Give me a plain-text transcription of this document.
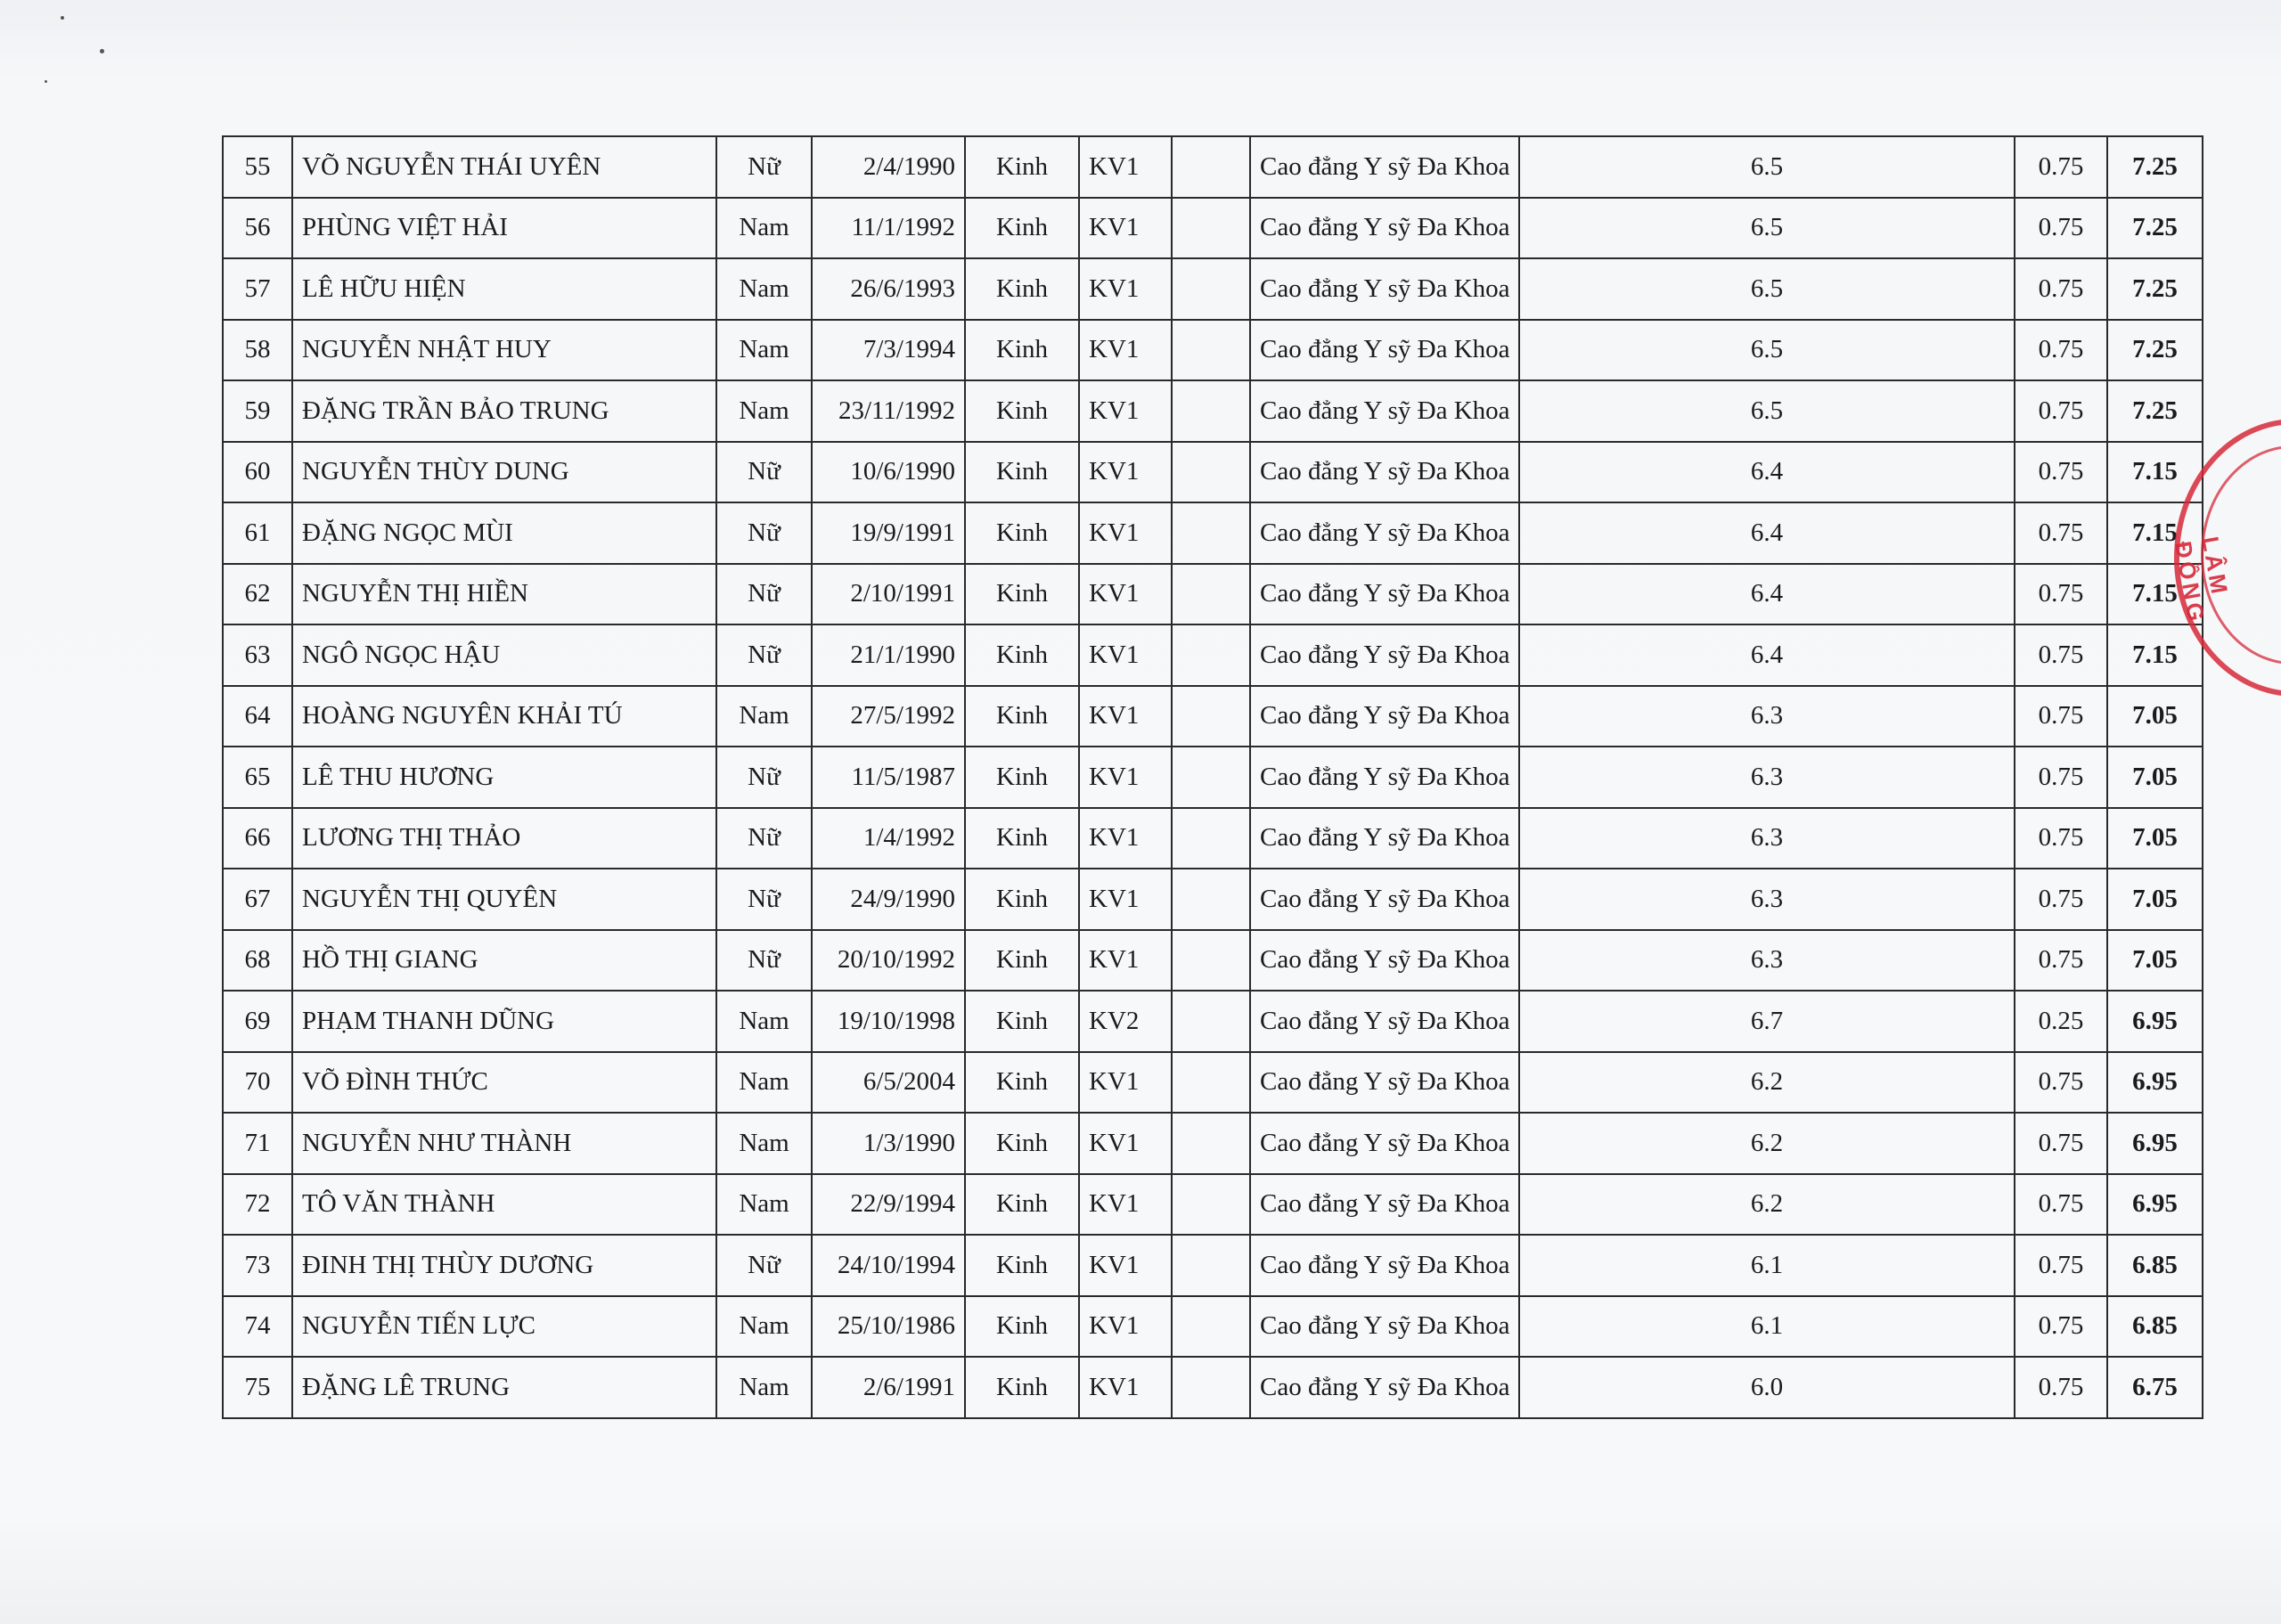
55	VÕ NGUYỄN THÁI UYÊN	Nữ	2/4/1990	Kinh	KV1		Cao đẳng Y sỹ Đa Khoa	6.5	0.75	7.25
56	PHÙNG VIỆT HẢI	Nam	11/1/1992	Kinh	KV1		Cao đẳng Y sỹ Đa Khoa	6.5	0.75	7.25
57	LÊ HỮU HIỆN	Nam	26/6/1993	Kinh	KV1		Cao đẳng Y sỹ Đa Khoa	6.5	0.75	7.25
58	NGUYỄN NHẬT HUY	Nam	7/3/1994	Kinh	KV1		Cao đẳng Y sỹ Đa Khoa	6.5	0.75	7.25
59	ĐẶNG TRẦN BẢO TRUNG	Nam	23/11/1992	Kinh	KV1		Cao đẳng Y sỹ Đa Khoa	6.5	0.75	7.25
60	NGUYỄN THÙY DUNG	Nữ	10/6/1990	Kinh	KV1		Cao đẳng Y sỹ Đa Khoa	6.4	0.75	7.15
61	ĐẶNG NGỌC MÙI	Nữ	19/9/1991	Kinh	KV1		Cao đẳng Y sỹ Đa Khoa	6.4	0.75	7.15
62	NGUYỄN THỊ HIỀN	Nữ	2/10/1991	Kinh	KV1		Cao đẳng Y sỹ Đa Khoa	6.4	0.75	7.15
63	NGÔ NGỌC HẬU	Nữ	21/1/1990	Kinh	KV1		Cao đẳng Y sỹ Đa Khoa	6.4	0.75	7.15
64	HOÀNG NGUYÊN KHẢI TÚ	Nam	27/5/1992	Kinh	KV1		Cao đẳng Y sỹ Đa Khoa	6.3	0.75	7.05
65	LÊ THU HƯƠNG	Nữ	11/5/1987	Kinh	KV1		Cao đẳng Y sỹ Đa Khoa	6.3	0.75	7.05
66	LƯƠNG THỊ THẢO	Nữ	1/4/1992	Kinh	KV1		Cao đẳng Y sỹ Đa Khoa	6.3	0.75	7.05
67	NGUYỄN THỊ QUYÊN	Nữ	24/9/1990	Kinh	KV1		Cao đẳng Y sỹ Đa Khoa	6.3	0.75	7.05
68	HỒ THỊ GIANG	Nữ	20/10/1992	Kinh	KV1		Cao đẳng Y sỹ Đa Khoa	6.3	0.75	7.05
69	PHẠM THANH DŨNG	Nam	19/10/1998	Kinh	KV2		Cao đẳng Y sỹ Đa Khoa	6.7	0.25	6.95
70	VÕ ĐÌNH THỨC	Nam	6/5/2004	Kinh	KV1		Cao đẳng Y sỹ Đa Khoa	6.2	0.75	6.95
71	NGUYỄN NHƯ THÀNH	Nam	1/3/1990	Kinh	KV1		Cao đẳng Y sỹ Đa Khoa	6.2	0.75	6.95
72	TÔ VĂN THÀNH	Nam	22/9/1994	Kinh	KV1		Cao đẳng Y sỹ Đa Khoa	6.2	0.75	6.95
73	ĐINH THỊ THÙY DƯƠNG	Nữ	24/10/1994	Kinh	KV1		Cao đẳng Y sỹ Đa Khoa	6.1	0.75	6.85
74	NGUYỄN TIẾN LỰC	Nam	25/10/1986	Kinh	KV1		Cao đẳng Y sỹ Đa Khoa	6.1	0.75	6.85
75	ĐẶNG LÊ TRUNG	Nam	2/6/1991	Kinh	KV1		Cao đẳng Y sỹ Đa Khoa	6.0	0.75	6.75
LÂM ĐỒNG
